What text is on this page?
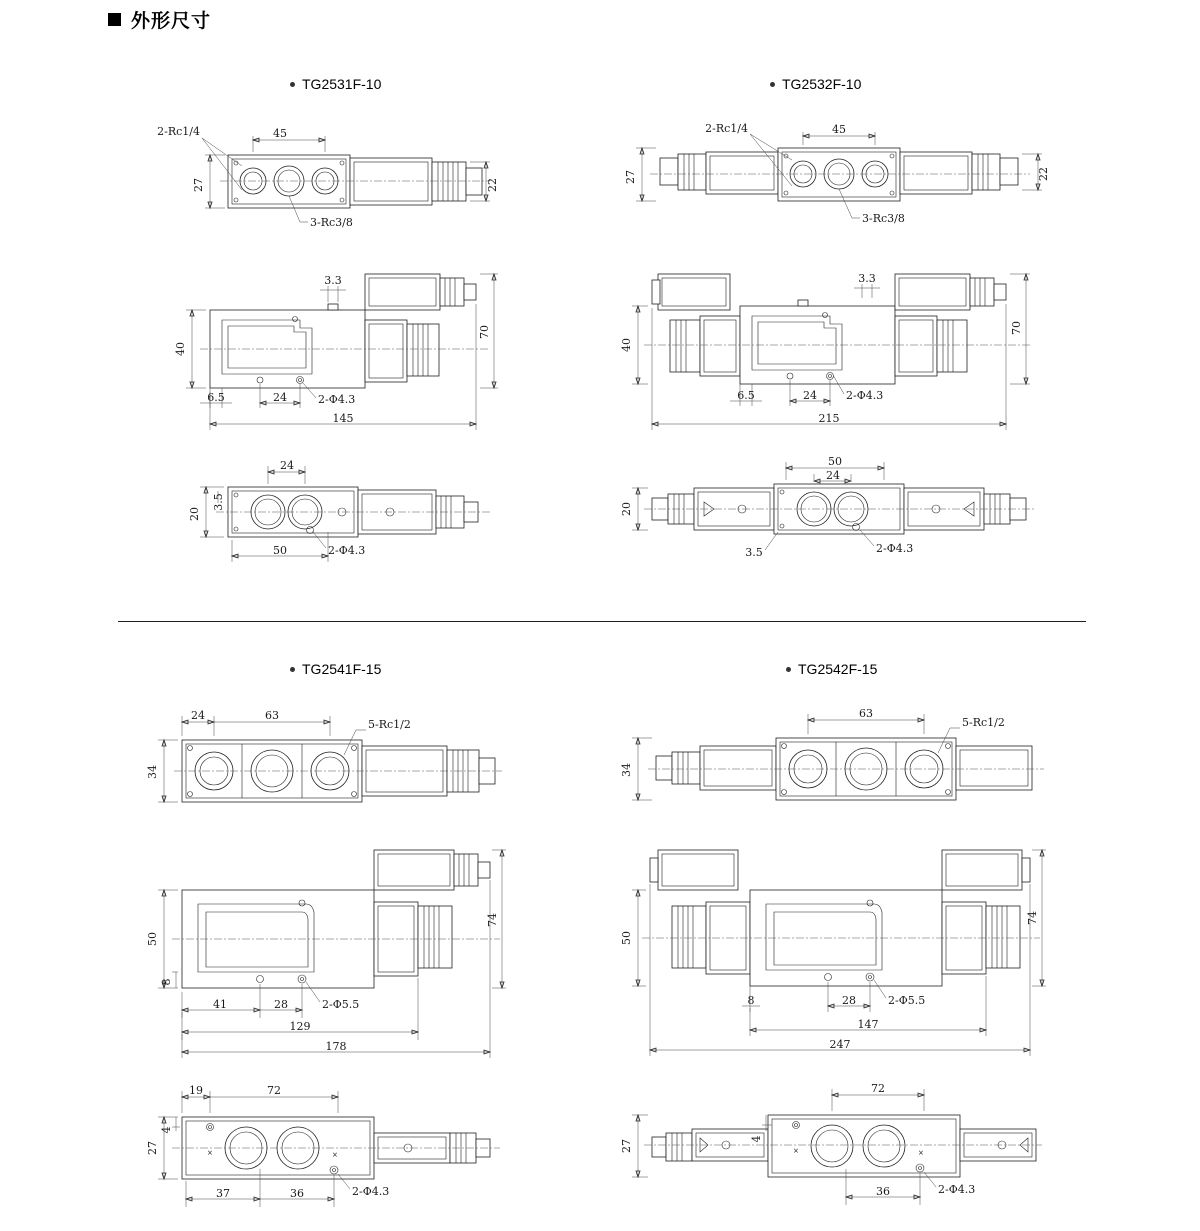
外形尺寸
TG2531F-10	TG2532F-10
TG2541F-15	TG2542F-15
45
27	22
2-Rc1/4
3-Rc3/8
3.3
70
40
6.5	24	2-Φ4.3
145
24
20
3.5
50	2-Φ4.3
45
27	22
2-Rc1/4
3-Rc3/8
3.3
70
40
6.5	24	2-Φ4.3
215
50
24
20
3.5	2-Φ4.3
24	63
34
5-Rc1/2
74
50
8
41	28	2-Φ5.5
129
178
×	×
19	72
27
4
37	36	2-Φ4.3
63
34
5-Rc1/2
74
50
8	28	2-Φ5.5
147
247
×	×
72
27	4
36	2-Φ4.3
